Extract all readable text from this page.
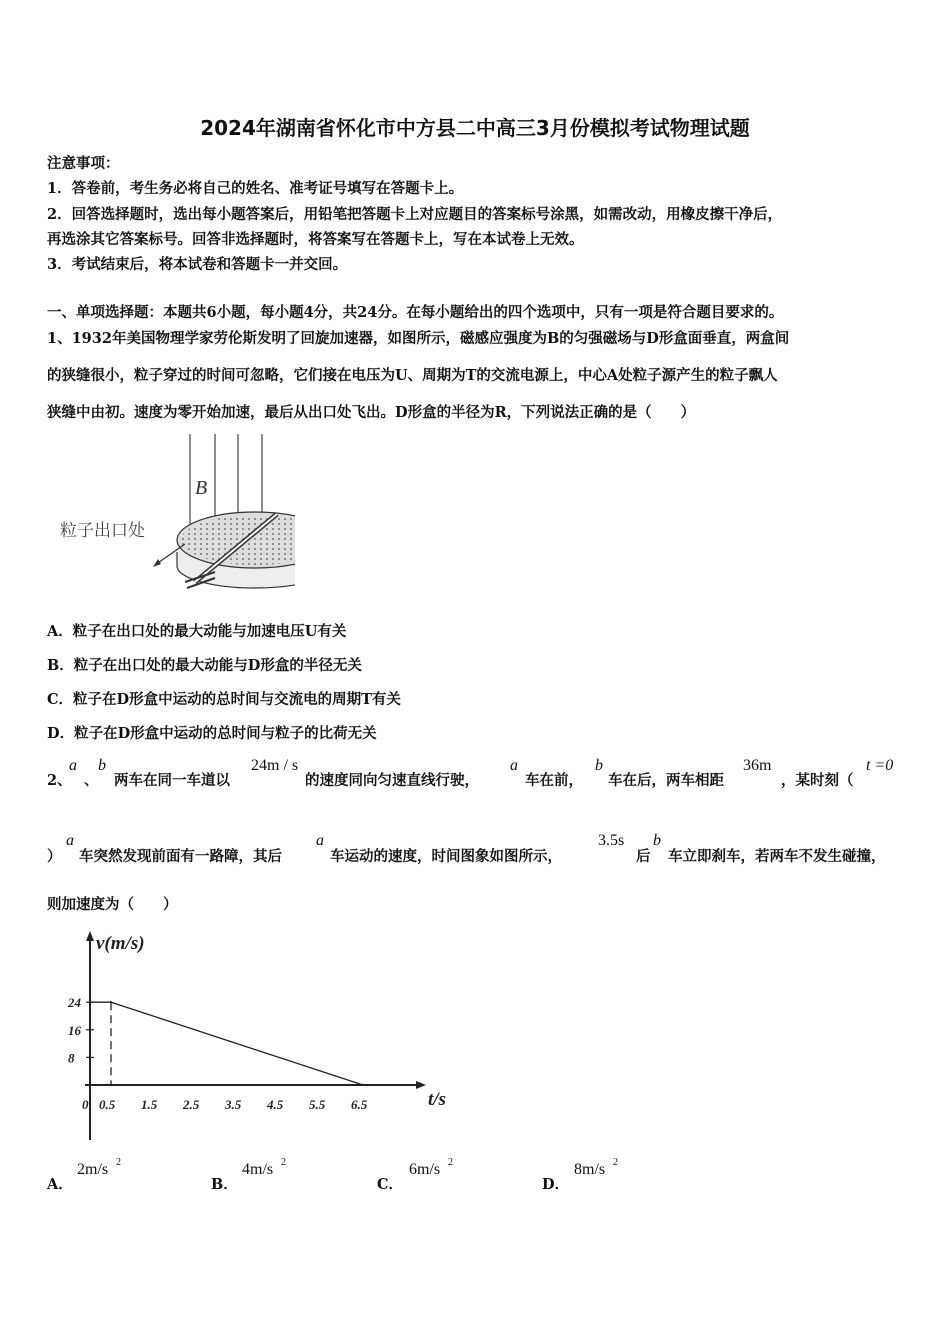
2024年湖南省怀化市中方县二中高三3月份模拟考试物理试题
注意事项：
1．答卷前，考生务必将自己的姓名、准考证号填写在答题卡上。
2．回答选择题时，选出每小题答案后，用铅笔把答题卡上对应题目的答案标号涂黑，如需改动，用橡皮擦干净后，
再选涂其它答案标号。回答非选择题时，将答案写在答题卡上，写在本试卷上无效。
3．考试结束后，将本试卷和答题卡一并交回。
一、单项选择题：本题共6小题，每小题4分，共24分。在每小题给出的四个选项中，只有一项是符合题目要求的。
1、1932年美国物理学家劳伦斯发明了回旋加速器，如图所示，磁感应强度为B的匀强磁场与D形盒面垂直，两盒间
的狭缝很小，粒子穿过的时间可忽略，它们接在电压为U、周期为T的交流电源上，中心A处粒子源产生的粒子飘人
狭缝中由初。速度为零开始加速，最后从出口处飞出。D形盒的半径为R，下列说法正确的是（　　）
B
粒子出口处
A．粒子在出口处的最大动能与加速电压U有关
B．粒子在出口处的最大动能与D形盒的半径无关
C．粒子在D形盒中运动的总时间与交流电的周期T有关
D．粒子在D形盒中运动的总时间与粒子的比荷无关
2、
a
、
b
两车在同一车道以
24m / s
的速度同向匀速直线行驶，
a
车在前，
b
车在后，两车相距
36m
，某时刻（
t =0
）
a
车突然发现前面有一路障，其后
a
车运动的速度，时间图象如图所示，
3.5s
后
b
车立即刹车，若两车不发生碰撞，
则加速度为（　　）
v(m/s)
t/s
8
16
24
0 0.5 1.5 2.5 3.5 4.5 5.5 6.5
A．
2m/s 2
B．
4m/s 2
C．
6m/s 2
D．
8m/s 2
